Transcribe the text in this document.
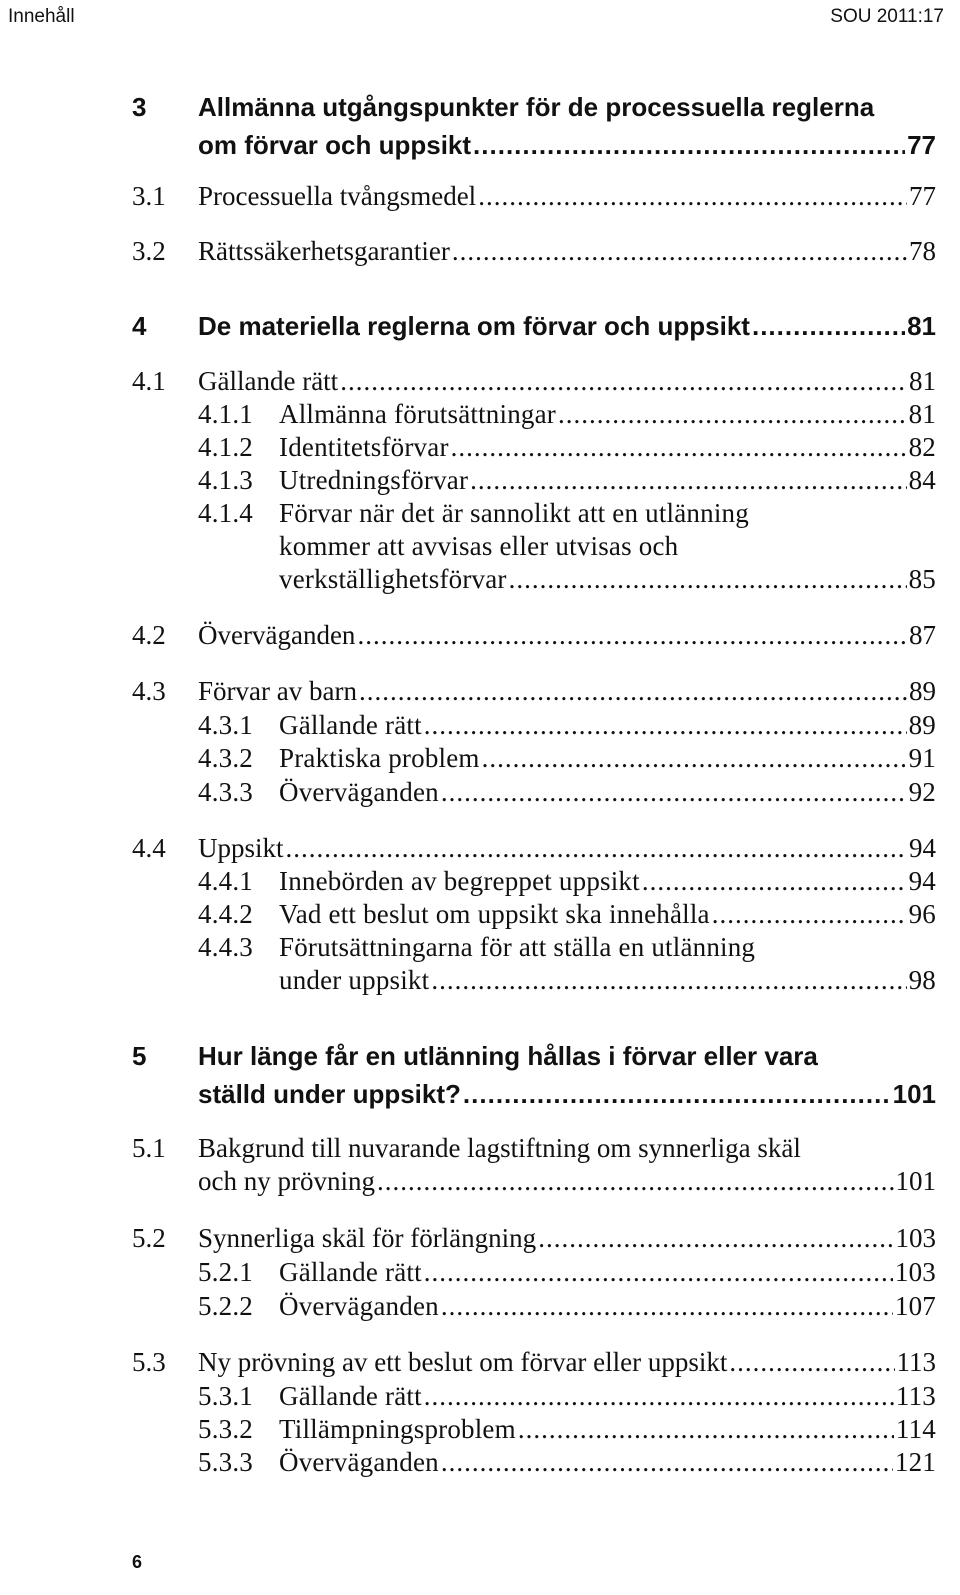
Innehåll	SOU 2011:17
3 Allmänna utgångspunkter för de processuella reglerna
om förvar och uppsikt .....	77
3.1 Processuella tvångsmedel .....	77
3.2 Rättssäkerhetsgarantier .....	78
4 De materiella reglerna om förvar och uppsikt .....	81
4.1 Gällande rätt .....	81
4.1.1 Allmänna förutsättningar .....	81
4.1.2 Identitetsförvar .....	82
4.1.3 Utredningsförvar .....	84
4.1.4 Förvar när det är sannolikt att en utlänning
kommer att avvisas eller utvisas och
verkställighetsförvar .....	85
4.2 Överväganden .....	87
4.3 Förvar av barn .....	89
4.3.1 Gällande rätt .....	89
4.3.2 Praktiska problem .....	91
4.3.3 Överväganden .....	92
4.4 Uppsikt .....	94
4.4.1 Innebörden av begreppet uppsikt .....	94
4.4.2 Vad ett beslut om uppsikt ska innehålla .....	96
4.4.3 Förutsättningarna för att ställa en utlänning
under uppsikt .....	98
5 Hur länge får en utlänning hållas i förvar eller vara
ställd under uppsikt? .....	101
5.1 Bakgrund till nuvarande lagstiftning om synnerliga skäl
och ny prövning .....	101
5.2 Synnerliga skäl för förlängning .....	103
5.2.1 Gällande rätt .....	103
5.2.2 Överväganden .....	107
5.3 Ny prövning av ett beslut om förvar eller uppsikt .....	113
5.3.1 Gällande rätt .....	113
5.3.2 Tillämpningsproblem .....	114
5.3.3 Överväganden .....	121
6
